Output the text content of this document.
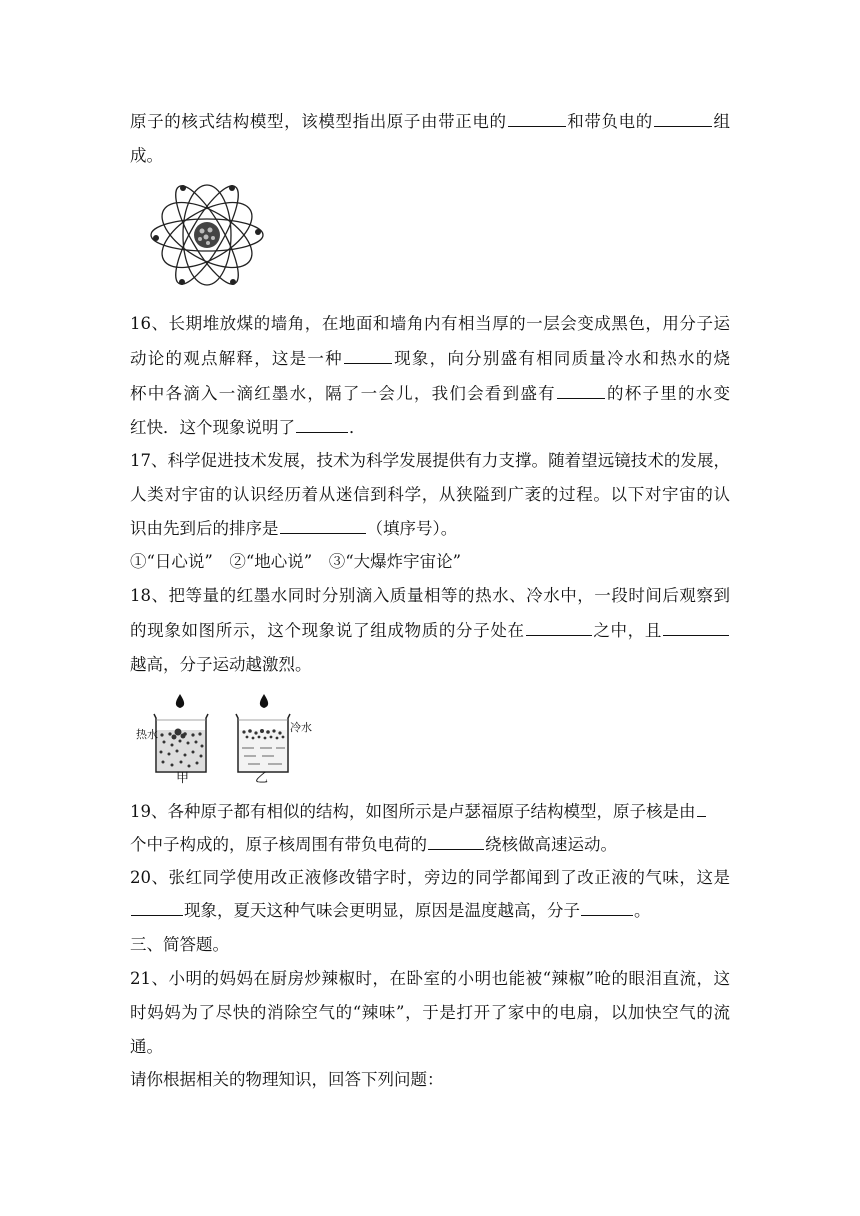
原子的核式结构模型，该模型指出原子由带正电的	和带负电的	组
成。
16、长期堆放煤的墙角，在地面和墙角内有相当厚的一层会变成黑色，用分子运
动论的观点解释，这是一种	现象，向分别盛有相同质量冷水和热水的烧
杯中各滴入一滴红墨水，隔了一会儿，我们会看到盛有	的杯子里的水变
红快．这个现象说明了	．
17、科学促进技术发展，技术为科学发展提供有力支撑。随着望远镜技术的发展，
人类对宇宙的认识经历着从迷信到科学，从狭隘到广袤的过程。以下对宇宙的认
识由先到后的排序是	（填序号）。
①“日心说”　②“地心说”　③“大爆炸宇宙论”
18、把等量的红墨水同时分别滴入质量相等的热水、冷水中，一段时间后观察到
的现象如图所示，这个现象说了组成物质的分子处在	之中，且
越高，分子运动越激烈。
热水
冷水
甲	乙
19、各种原子都有相似的结构，如图所示是卢瑟福原子结构模型，原子核是由
个中子构成的，原子核周围有带负电荷的	绕核做高速运动。
20、张红同学使用改正液修改错字时，旁边的同学都闻到了改正液的气味，这是
现象，夏天这种气味会更明显，原因是温度越高，分子	。
三、简答题。
21、小明的妈妈在厨房炒辣椒时，在卧室的小明也能被“辣椒”呛的眼泪直流，这
时妈妈为了尽快的消除空气的“辣味”，于是打开了家中的电扇，以加快空气的流
通。
请你根据相关的物理知识，回答下列问题：
